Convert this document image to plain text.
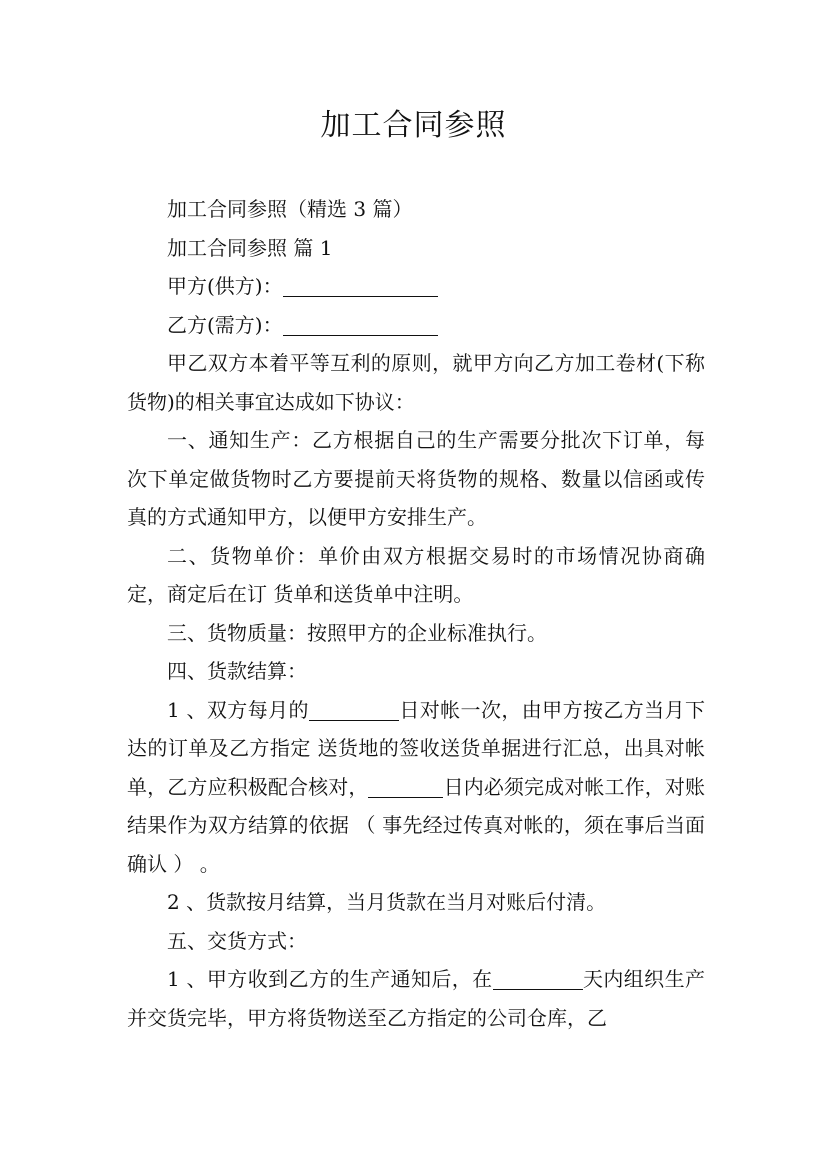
加工合同参照

加工合同参照（精选 3 篇）

加工合同参照 篇 1

甲方(供方)：

乙方(需方)：

甲乙双方本着平等互利的原则，就甲方向乙方加工卷材(下称货物)的相关事宜达成如下协议：

一、通知生产：乙方根据自己的生产需要分批次下订单，每次下单定做货物时乙方要提前天将货物的规格、数量以信函或传真的方式通知甲方，以便甲方安排生产。

二、货物单价：单价由双方根据交易时的市场情况协商确定，商定后在订 货单和送货单中注明。

三、货物质量：按照甲方的企业标准执行。

四、货款结算：

1 、双方每月的	日对帐一次，由甲方按乙方当月下达的订单及乙方指定 送货地的签收送货单据进行汇总，出具对帐单，乙方应积极配合核对，	日内必须完成对帐工作，对账结果作为双方结算的依据 （ 事先经过传真对帐的，须在事后当面确认 ） 。

2 、货款按月结算，当月货款在当月对账后付清。

五、交货方式：

1 、甲方收到乙方的生产通知后，在	天内组织生产并交货完毕，甲方将货物送至乙方指定的公司仓库，乙
